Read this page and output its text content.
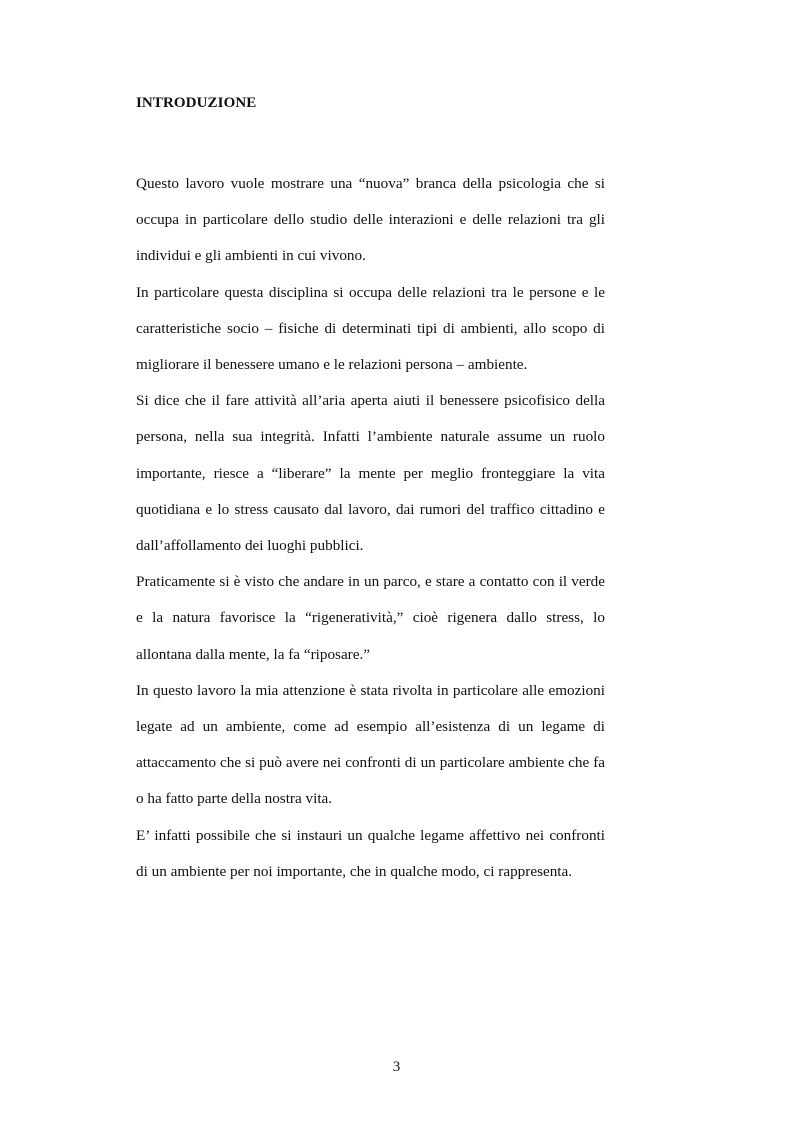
INTRODUZIONE

Questo lavoro vuole mostrare una “nuova” branca della psicologia che si occupa in particolare dello studio delle interazioni e delle relazioni tra gli individui e gli ambienti in cui vivono.

In particolare questa disciplina si occupa delle relazioni tra le persone e le caratteristiche socio – fisiche di determinati tipi di ambienti, allo scopo di migliorare il benessere umano e le relazioni persona – ambiente.

Si dice che il fare attività all’aria aperta aiuti il benessere psicofisico della persona, nella sua integrità. Infatti l’ambiente naturale assume un ruolo importante, riesce a “liberare” la mente per meglio fronteggiare la vita quotidiana e lo stress causato dal lavoro, dai rumori del traffico cittadino e dall’affollamento dei luoghi pubblici.

Praticamente si è visto che andare in un parco, e stare a contatto con il verde e la natura favorisce la “rigeneratività,” cioè rigenera dallo stress, lo allontana dalla mente, la fa “riposare.”

In questo lavoro la mia attenzione è stata rivolta in particolare alle emozioni legate ad un ambiente, come ad esempio all’esistenza di un legame di attaccamento che si può avere nei confronti di un particolare ambiente che fa o ha fatto parte della nostra vita.

E’ infatti possibile che si instauri un qualche legame affettivo nei confronti di un ambiente per noi importante, che in qualche modo, ci rappresenta.

3
